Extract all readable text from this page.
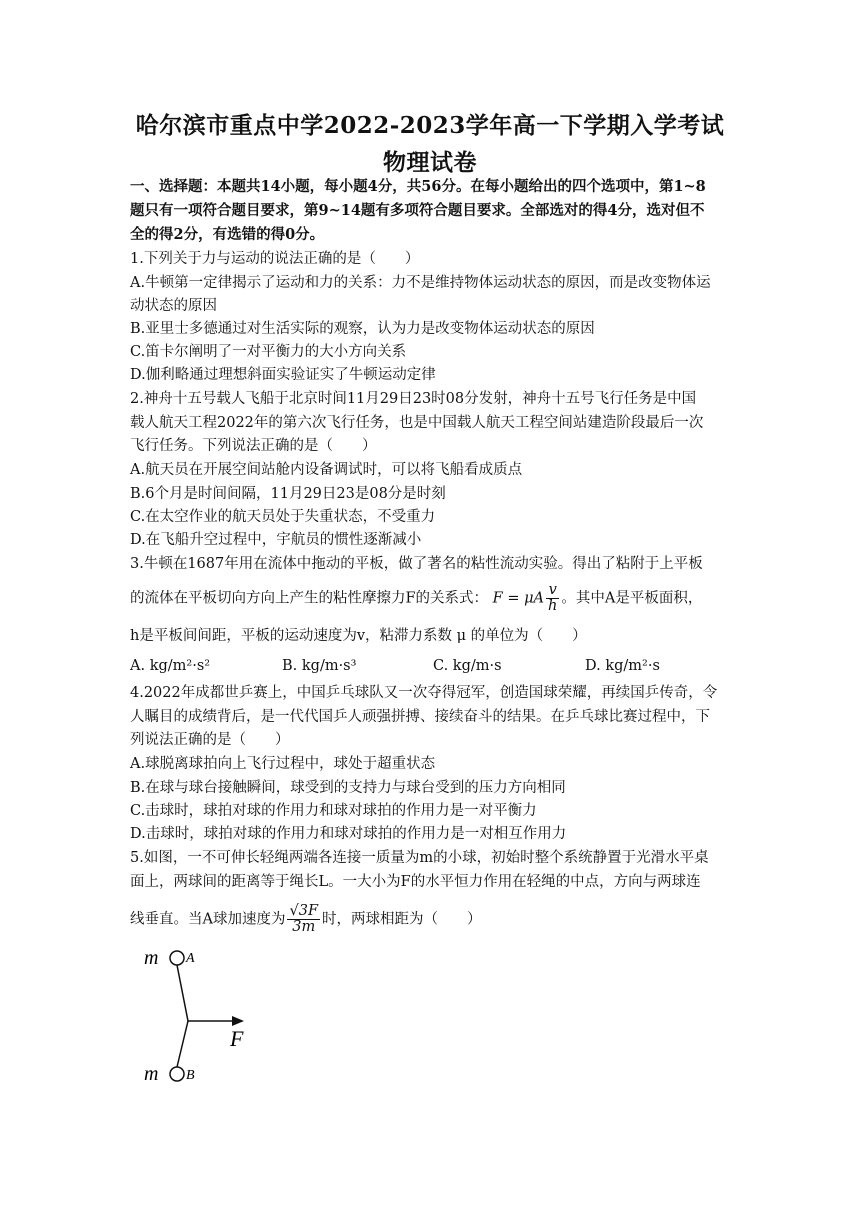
哈尔滨市重点中学2022-2023学年高一下学期入学考试
物理试卷
一、选择题：本题共14小题，每小题4分，共56分。在每小题给出的四个选项中，第1~8
题只有一项符合题目要求，第9~14题有多项符合题目要求。全部选对的得4分，选对但不
全的得2分，有选错的得0分。
1.下列关于力与运动的说法正确的是（　　）
A.牛顿第一定律揭示了运动和力的关系：力不是维持物体运动状态的原因，而是改变物体运
动状态的原因
B.亚里士多德通过对生活实际的观察，认为力是改变物体运动状态的原因
C.笛卡尔阐明了一对平衡力的大小方向关系
D.伽利略通过理想斜面实验证实了牛顿运动定律
2.神舟十五号载人飞船于北京时间11月29日23时08分发射，神舟十五号飞行任务是中国
载人航天工程2022年的第六次飞行任务，也是中国载人航天工程空间站建造阶段最后一次
飞行任务。下列说法正确的是（　　）
A.航天员在开展空间站舱内设备调试时，可以将飞船看成质点
B.6个月是时间间隔，11月29日23是08分是时刻
C.在太空作业的航天员处于失重状态，不受重力
D.在飞船升空过程中，宇航员的惯性逐渐减小
3.牛顿在1687年用在流体中拖动的平板，做了著名的粘性流动实验。得出了粘附于上平板
的流体在平板切向方向上产生的粘性摩擦力F的关系式： F = μA $\frac{v}{h}$ 。其中A是平板面积，
h是平板间间距，平板的运动速度为v，粘滞力系数 μ 的单位为（　　）
A. kg/m²·s²	B. kg/m·s³	C. kg/m·s	D. kg/m²·s
4.2022年成都世乒赛上，中国乒乓球队又一次夺得冠军，创造国球荣耀，再续国乒传奇，令
人瞩目的成绩背后，是一代代国乒人顽强拼搏、接续奋斗的结果。在乒乓球比赛过程中，下
列说法正确的是（　　）
A.球脱离球拍向上飞行过程中，球处于超重状态
B.在球与球台接触瞬间，球受到的支持力与球台受到的压力方向相同
C.击球时，球拍对球的作用力和球对球拍的作用力是一对平衡力
D.击球时，球拍对球的作用力和球对球拍的作用力是一对相互作用力
5.如图，一不可伸长轻绳两端各连接一质量为m的小球，初始时整个系统静置于光滑水平桌
面上，两球间的距离等于绳长L。一大小为F的水平恒力作用在轻绳的中点，方向与两球连
线垂直。当A球加速度为 $\frac{√3F}{3m}$ 时，两球相距为（　　）
m A
F
m B
